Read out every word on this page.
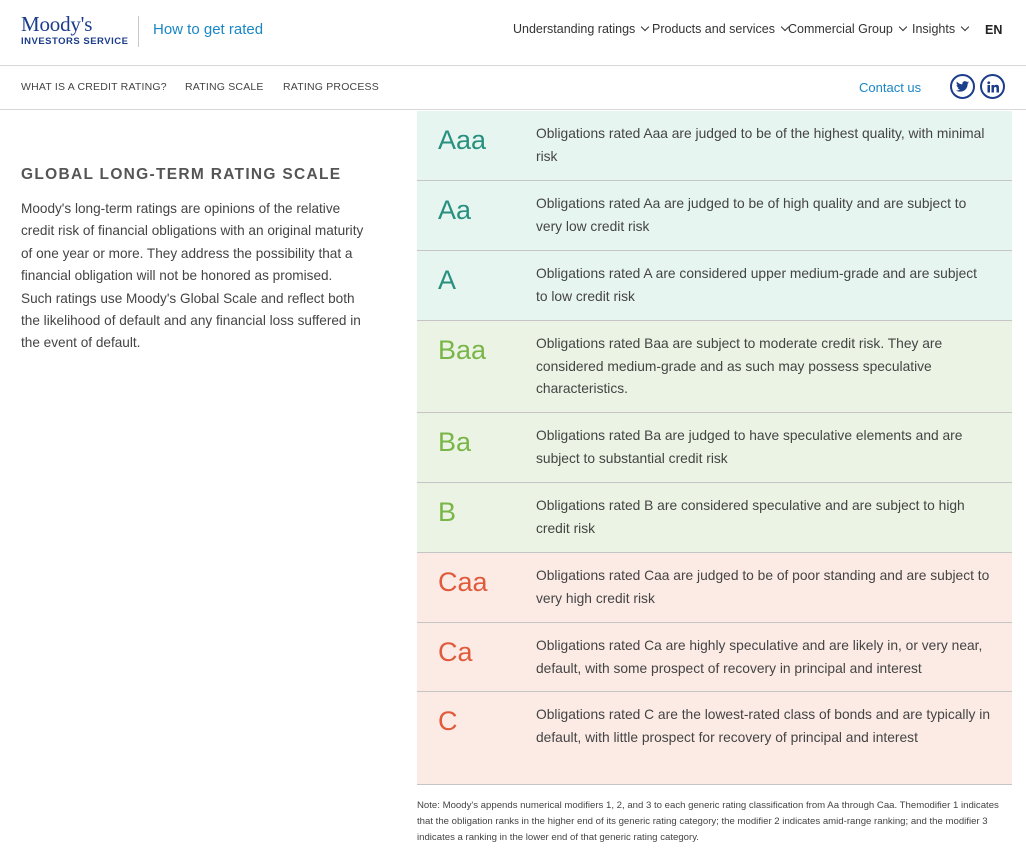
Moody's
INVESTORS SERVICE
How to get rated	Understanding ratings Products and services Commercial Group Insights EN
WHAT IS A CREDIT RATING? RATING SCALE RATING PROCESS	Contact us
GLOBAL LONG-TERM RATING SCALE

Moody's long-term ratings are opinions of the relative credit risk of financial obligations with an original maturity of one year or more. They address the possibility that a financial obligation will not be honored as promised. Such ratings use Moody's Global Scale and reflect both the likelihood of default and any financial loss suffered in the event of default.

Aaa	Obligations rated Aaa are judged to be of the highest quality, with minimal risk
Aa	Obligations rated Aa are judged to be of high quality and are subject to very low credit risk
A	Obligations rated A are considered upper medium-grade and are subject to low credit risk
Baa	Obligations rated Baa are subject to moderate credit risk. They are considered medium-grade and as such may possess speculative characteristics.
Ba	Obligations rated Ba are judged to have speculative elements and are subject to substantial credit risk
B	Obligations rated B are considered speculative and are subject to high credit risk
Caa	Obligations rated Caa are judged to be of poor standing and are subject to very high credit risk
Ca	Obligations rated Ca are highly speculative and are likely in, or very near, default, with some prospect of recovery in principal and interest
C	Obligations rated C are the lowest-rated class of bonds and are typically in default, with little prospect for recovery of principal and interest

Note: Moody's appends numerical modifiers 1, 2, and 3 to each generic rating classification from Aa through Caa. Themodifier 1 indicates that the obligation ranks in the higher end of its generic rating category; the modifier 2 indicates amid-range ranking; and the modifier 3 indicates a ranking in the lower end of that generic rating category.
